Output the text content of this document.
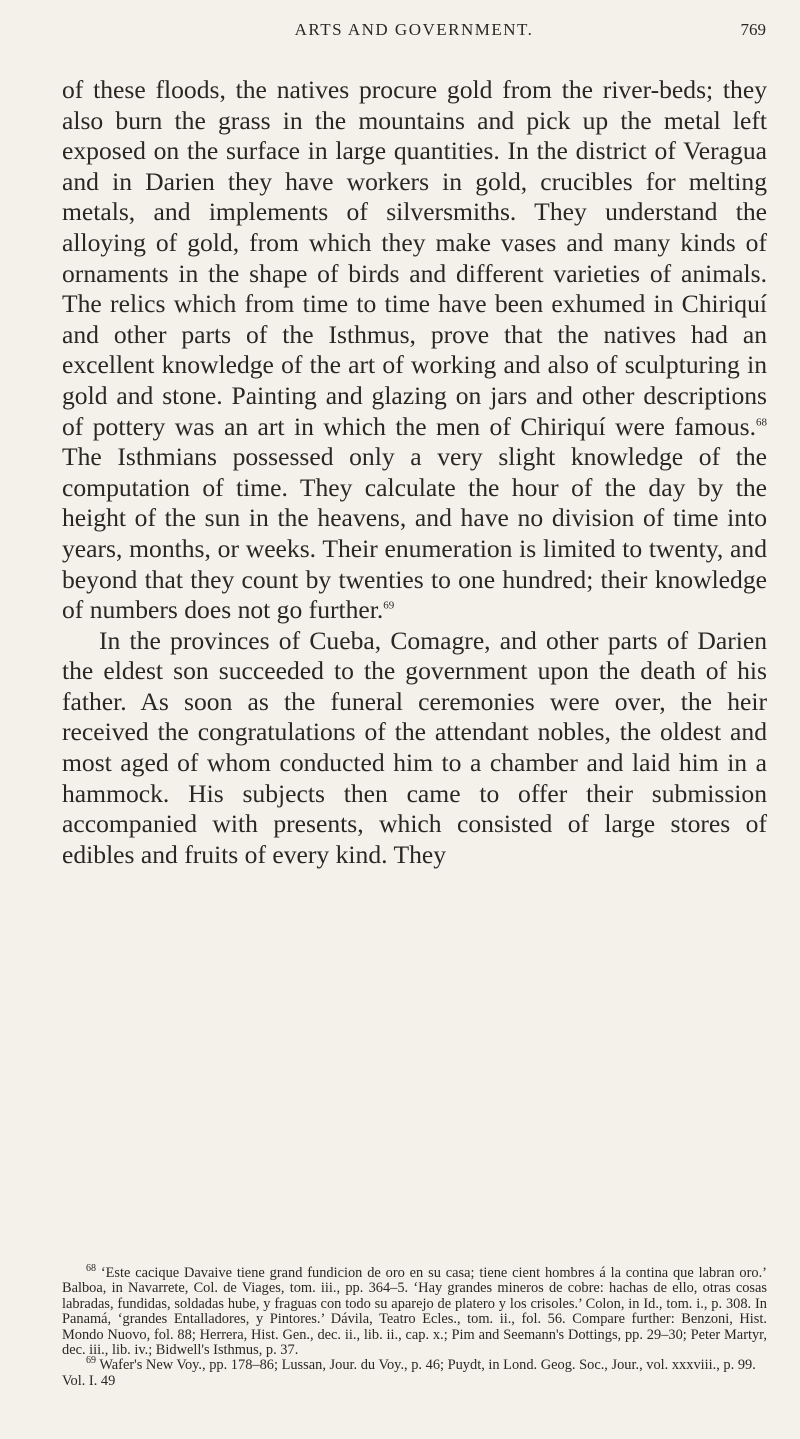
ARTS AND GOVERNMENT.	769

of these floods, the natives procure gold from the river-beds; they also burn the grass in the mountains and pick up the metal left exposed on the surface in large quantities. In the district of Veragua and in Darien they have workers in gold, crucibles for melting metals, and implements of silversmiths. They understand the alloying of gold, from which they make vases and many kinds of ornaments in the shape of birds and different varieties of animals. The relics which from time to time have been exhumed in Chiriquí and other parts of the Isthmus, prove that the natives had an excellent knowledge of the art of working and also of sculpturing in gold and stone. Painting and glazing on jars and other descriptions of pottery was an art in which the men of Chiriquí were famous.$^{68}$ The Isthmians possessed only a very slight knowledge of the computation of time. They calculate the hour of the day by the height of the sun in the heavens, and have no division of time into years, months, or weeks. Their enumeration is limited to twenty, and beyond that they count by twenties to one hundred; their knowledge of numbers does not go further.$^{69}$

In the provinces of Cueba, Comagre, and other parts of Darien the eldest son succeeded to the government upon the death of his father. As soon as the funeral ceremonies were over, the heir received the congratulations of the attendant nobles, the oldest and most aged of whom conducted him to a chamber and laid him in a hammock. His subjects then came to offer their submission accompanied with presents, which consisted of large stores of edibles and fruits of every kind. They

$^{68}$ ‘Este cacique Davaive tiene grand fundicion de oro en su casa; tiene cient hombres á la contina que labran oro.’ Balboa, in Navarrete, Col. de Viages, tom. iii., pp. 364–5. ‘Hay grandes mineros de cobre: hachas de ello, otras cosas labradas, fundidas, soldadas hube, y fraguas con todo su aparejo de platero y los crisoles.’ Colon, in Id., tom. i., p. 308. In Panamá, ‘grandes Entalladores, y Pintores.’ Dávila, Teatro Ecles., tom. ii., fol. 56. Compare further: Benzoni, Hist. Mondo Nuovo, fol. 88; Herrera, Hist. Gen., dec. ii., lib. ii., cap. x.; Pim and Seemann's Dottings, pp. 29–30; Peter Martyr, dec. iii., lib. iv.; Bidwell's Isthmus, p. 37.

$^{69}$ Wafer's New Voy., pp. 178–86; Lussan, Jour. du Voy., p. 46; Puydt, in Lond. Geog. Soc., Jour., vol. xxxviii., p. 99.

Vol. I. 49
